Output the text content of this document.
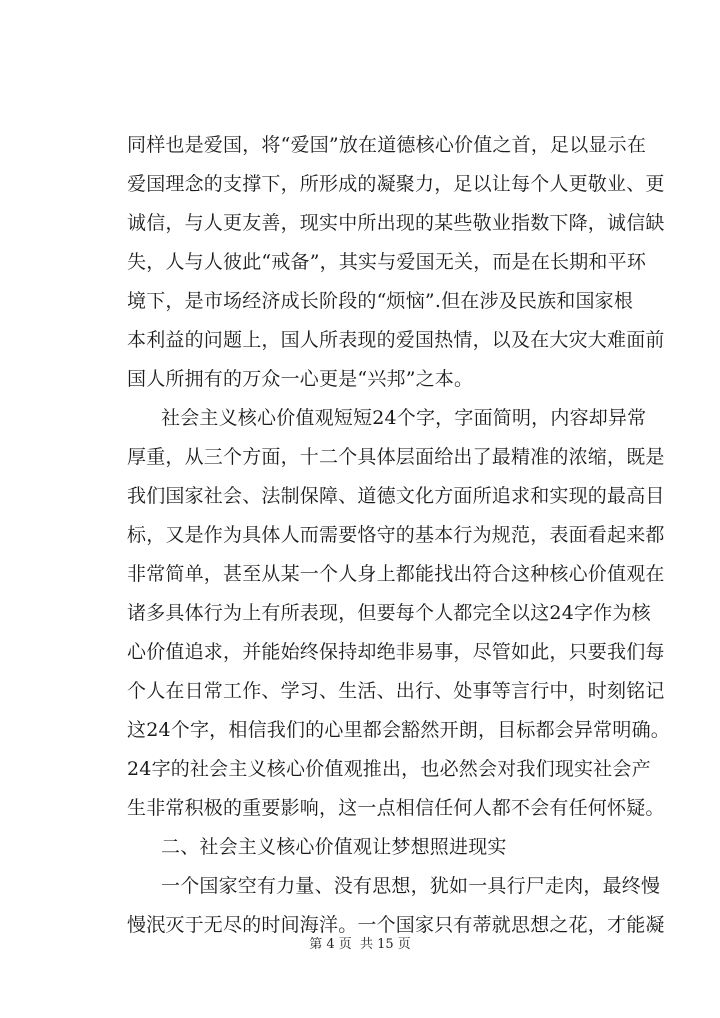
同样也是爱国，将“爱国”放在道德核心价值之首，足以显示在
爱国理念的支撑下，所形成的凝聚力，足以让每个人更敬业、更
诚信，与人更友善，现实中所出现的某些敬业指数下降，诚信缺
失，人与人彼此“戒备”，其实与爱国无关，而是在长期和平环
境下，是市场经济成长阶段的“烦恼”.但在涉及民族和国家根
本利益的问题上，国人所表现的爱国热情，以及在大灾大难面前
国人所拥有的万众一心更是“兴邦”之本。
社会主义核心价值观短短24个字，字面简明，内容却异常
厚重，从三个方面，十二个具体层面给出了最精准的浓缩，既是
我们国家社会、法制保障、道德文化方面所追求和实现的最高目
标，又是作为具体人而需要恪守的基本行为规范，表面看起来都
非常简单，甚至从某一个人身上都能找出符合这种核心价值观在
诸多具体行为上有所表现，但要每个人都完全以这24字作为核
心价值追求，并能始终保持却绝非易事，尽管如此，只要我们每
个人在日常工作、学习、生活、出行、处事等言行中，时刻铭记
这24个字，相信我们的心里都会豁然开朗，目标都会异常明确。
24字的社会主义核心价值观推出，也必然会对我们现实社会产
生非常积极的重要影响，这一点相信任何人都不会有任何怀疑。
二、社会主义核心价值观让梦想照进现实
一个国家空有力量、没有思想，犹如一具行尸走肉，最终慢
慢泯灭于无尽的时间海洋。一个国家只有蒂就思想之花，才能凝
第 4 页 共 15 页
